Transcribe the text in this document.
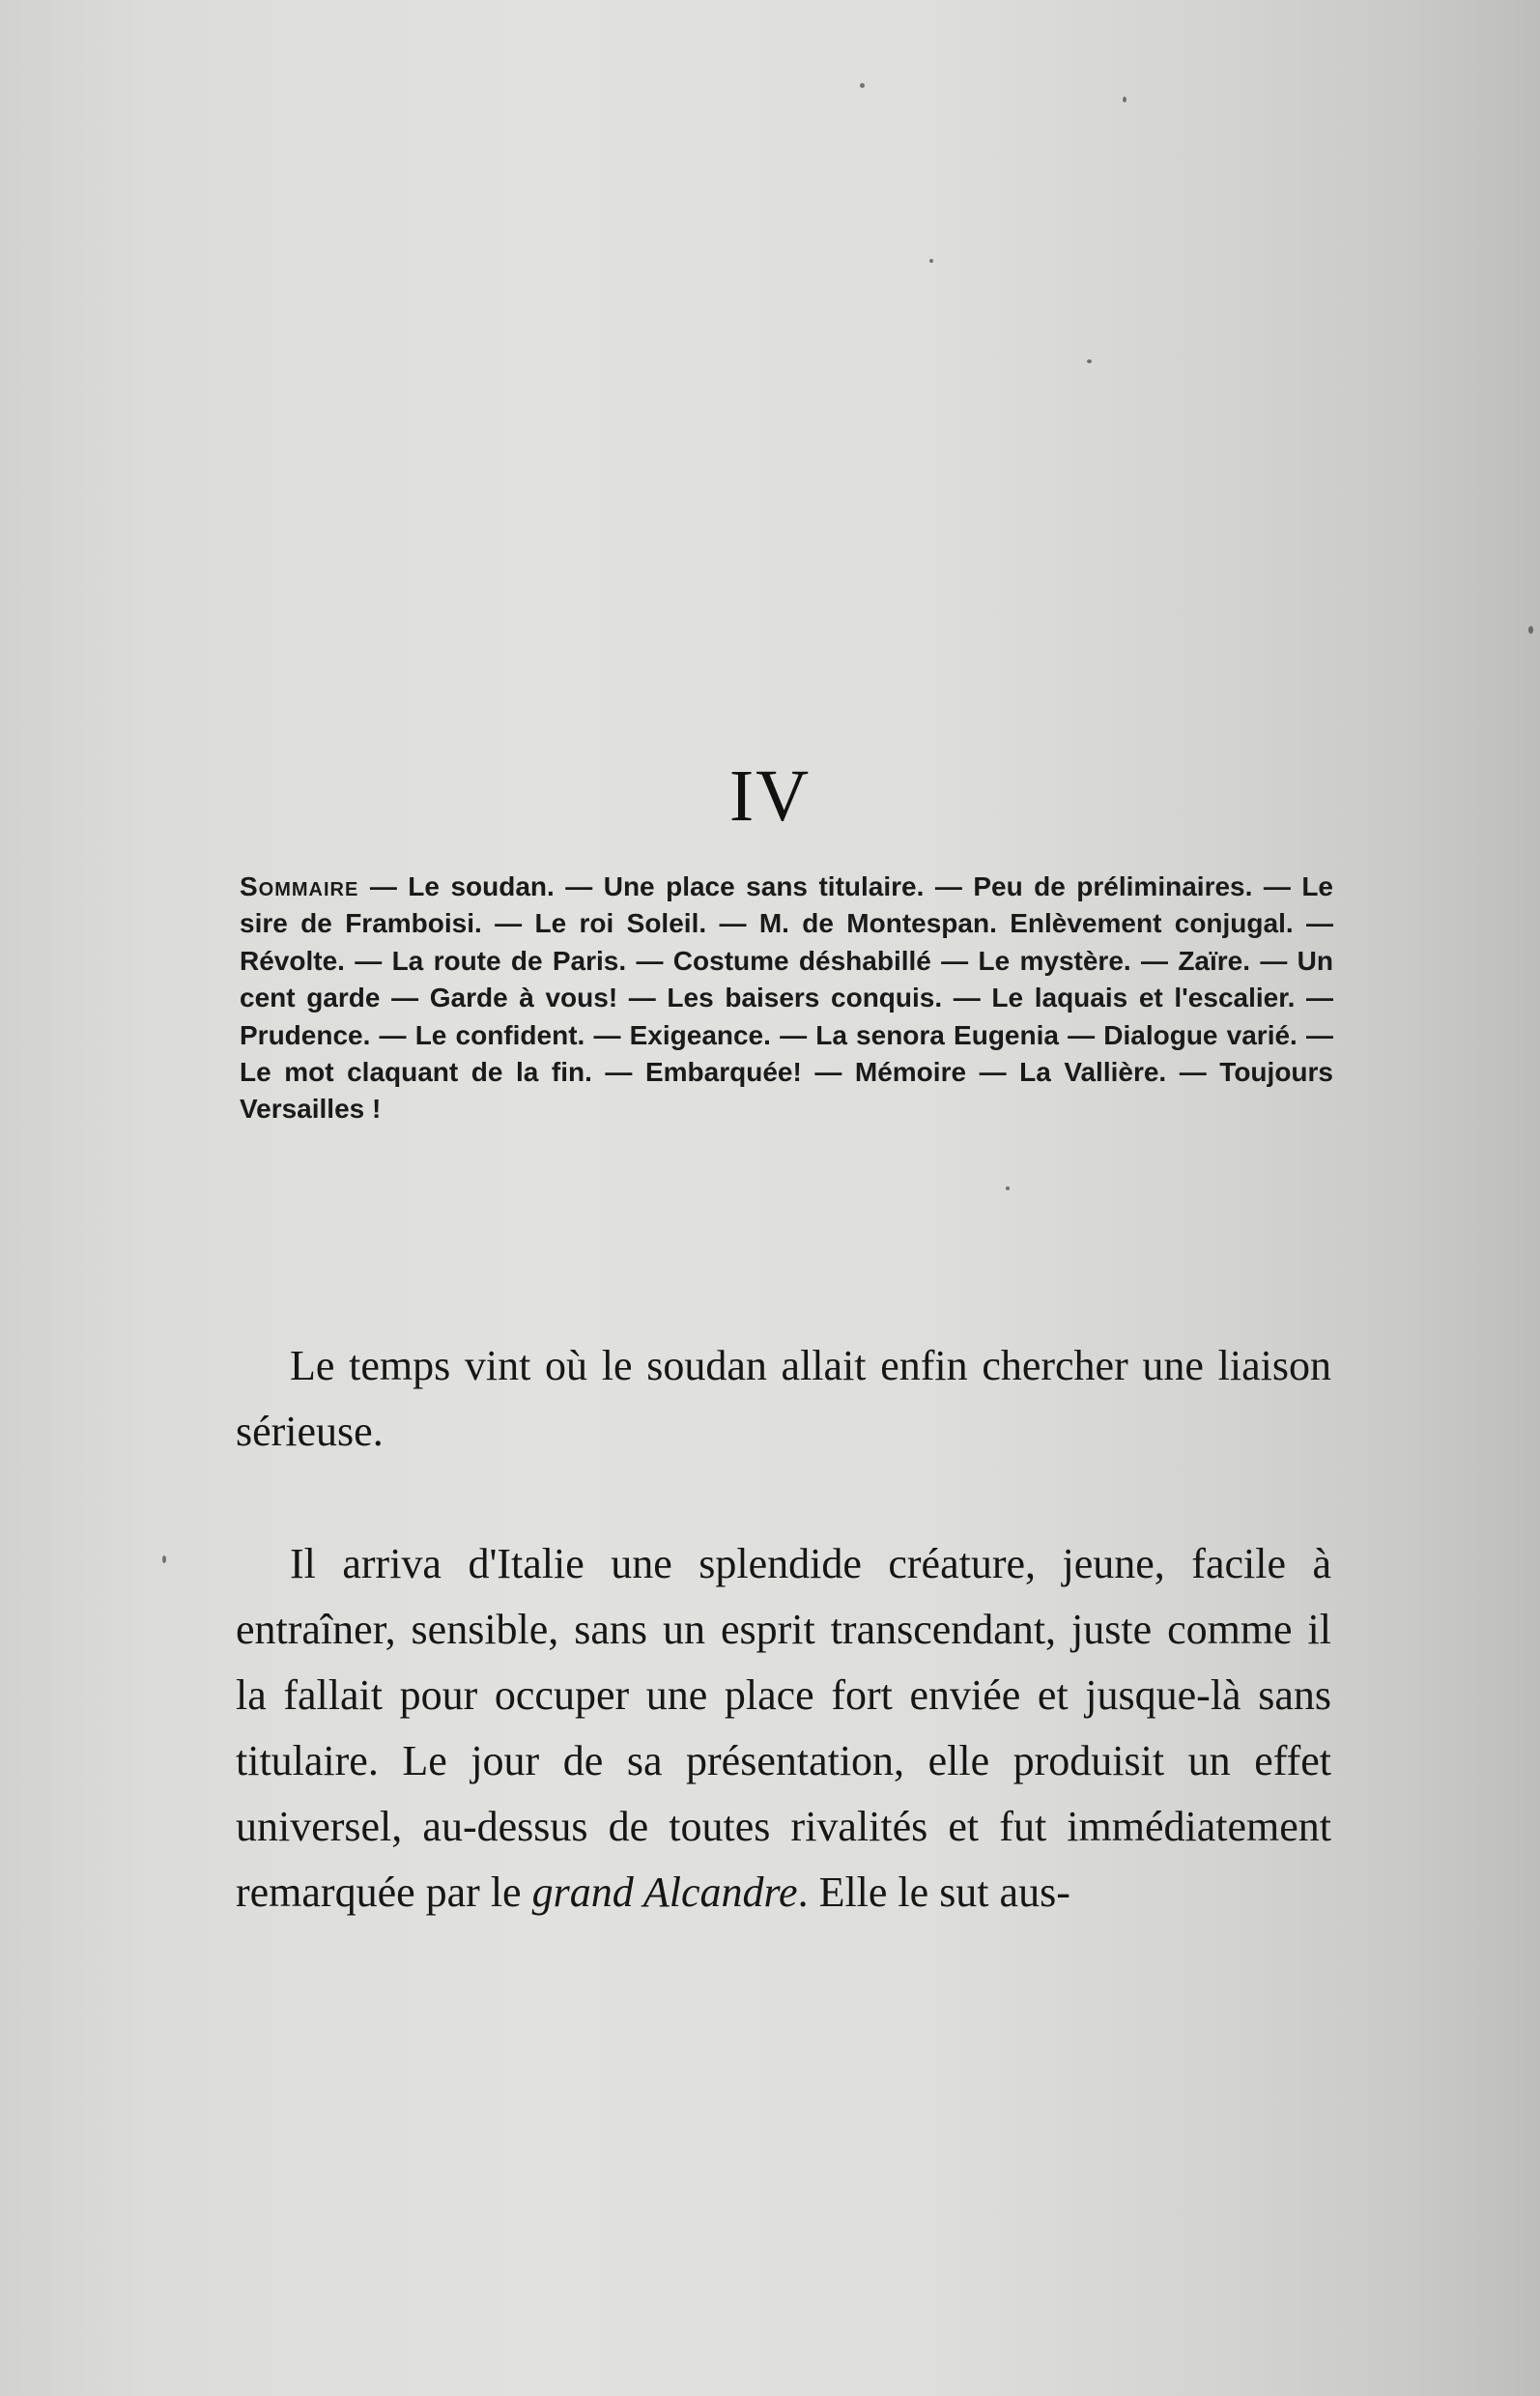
IV

Sommaire — Le soudan. — Une place sans titulaire. — Peu de préliminaires. — Le sire de Framboisi. — Le roi Soleil. — M. de Montespan. Enlèvement conjugal. — Révolte. — La route de Paris. — Costume déshabillé — Le mystère. — Zaïre. — Un cent garde — Garde à vous! — Les baisers conquis. — Le laquais et l'escalier. — Prudence. — Le confident. — Exigeance. — La senora Eugenia — Dialogue varié. — Le mot claquant de la fin. — Embarquée! — Mémoire — La Vallière. — Toujours Versailles !

Le temps vint où le soudan allait enfin chercher une liaison sérieuse.

Il arriva d'Italie une splendide créature, jeune, facile à entraîner, sensible, sans un esprit transcendant, juste comme il la fallait pour occuper une place fort enviée et jusque-là sans titulaire. Le jour de sa présentation, elle produisit un effet universel, au-dessus de toutes rivalités et fut immédiatement remarquée par le grand Alcandre. Elle le sut aus-
